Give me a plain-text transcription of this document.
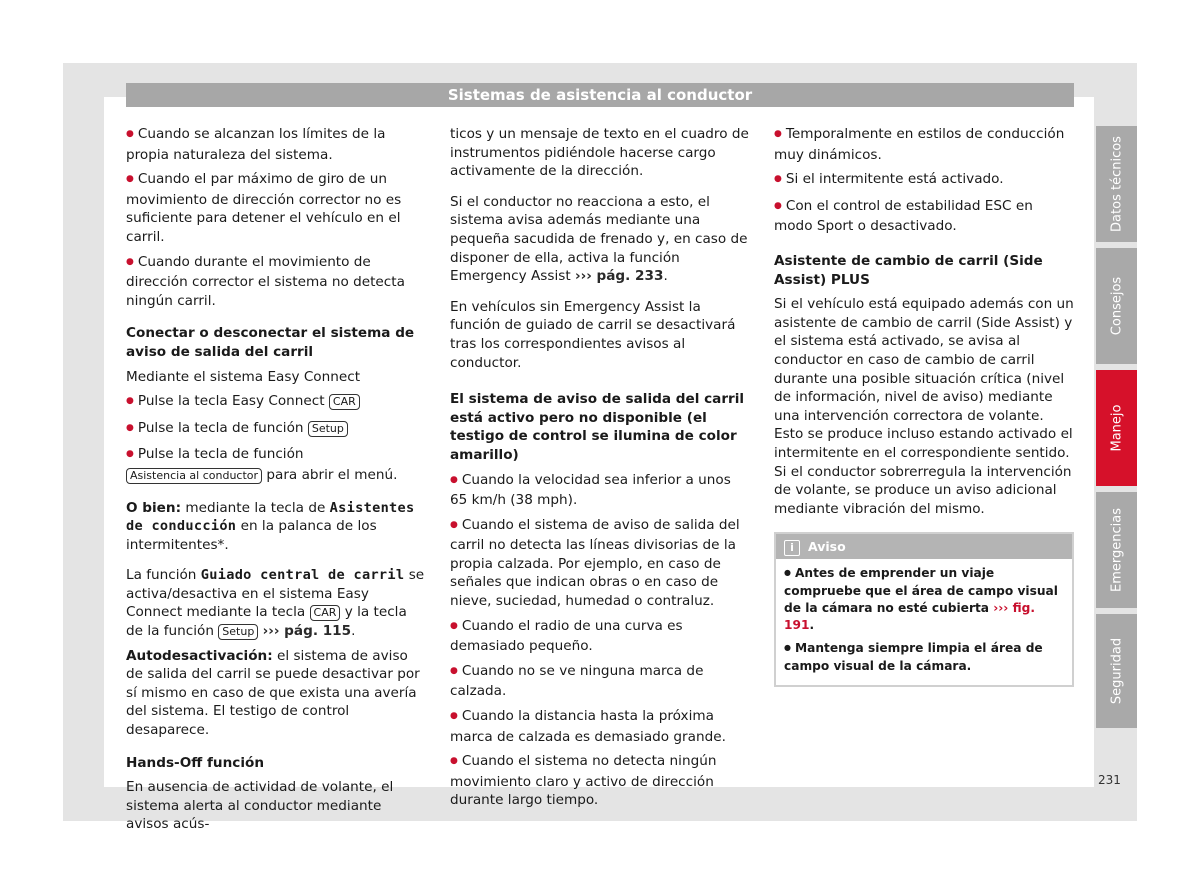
Sistemas de asistencia al conductor

● Cuando se alcanzan los límites de la propia naturaleza del sistema.

● Cuando el par máximo de giro de un movimiento de dirección corrector no es suficiente para detener el vehículo en el carril.

● Cuando durante el movimiento de dirección corrector el sistema no detecta ningún carril.

Conectar o desconectar el sistema de aviso de salida del carril

Mediante el sistema Easy Connect

● Pulse la tecla Easy Connect CAR

● Pulse la tecla de función Setup

● Pulse la tecla de función
Asistencia al conductor para abrir el menú.

O bien: mediante la tecla de Asistentes de conducción en la palanca de los intermitentes*.

La función Guiado central de carril se activa/desactiva en el sistema Easy Connect mediante la tecla CAR y la tecla de la función Setup ››› pág. 115.

Autodesactivación: el sistema de aviso de salida del carril se puede desactivar por sí mismo en caso de que exista una avería del sistema. El testigo de control desaparece.

Hands-Off función

En ausencia de actividad de volante, el sistema alerta al conductor mediante avisos acús-

ticos y un mensaje de texto en el cuadro de instrumentos pidiéndole hacerse cargo activamente de la dirección.

Si el conductor no reacciona a esto, el sistema avisa además mediante una pequeña sacudida de frenado y, en caso de disponer de ella, activa la función Emergency Assist ››› pág. 233.

En vehículos sin Emergency Assist la función de guiado de carril se desactivará tras los correspondientes avisos al conductor.

El sistema de aviso de salida del carril está activo pero no disponible (el testigo de control se ilumina de color amarillo)

● Cuando la velocidad sea inferior a unos 65 km/h (38 mph).

● Cuando el sistema de aviso de salida del carril no detecta las líneas divisorias de la propia calzada. Por ejemplo, en caso de señales que indican obras o en caso de nieve, suciedad, humedad o contraluz.

● Cuando el radio de una curva es demasiado pequeño.

● Cuando no se ve ninguna marca de calzada.

● Cuando la distancia hasta la próxima marca de calzada es demasiado grande.

● Cuando el sistema no detecta ningún movimiento claro y activo de dirección durante largo tiempo.

● Temporalmente en estilos de conducción muy dinámicos.

● Si el intermitente está activado.

● Con el control de estabilidad ESC en modo Sport o desactivado.

Asistente de cambio de carril (Side Assist) PLUS

Si el vehículo está equipado además con un asistente de cambio de carril (Side Assist) y el sistema está activado, se avisa al conductor en caso de cambio de carril durante una posible situación crítica (nivel de información, nivel de aviso) mediante una intervención correctora de volante. Esto se produce incluso estando activado el intermitente en el correspondiente sentido. Si el conductor sobrerregula la intervención de volante, se produce un aviso adicional mediante vibración del mismo.

i Aviso

● Antes de emprender un viaje compruebe que el área de campo visual de la cámara no esté cubierta ››› fig. 191.

● Mantenga siempre limpia el área de campo visual de la cámara.

Datos técnicos
Consejos
Manejo
Emergencias
Seguridad
231
